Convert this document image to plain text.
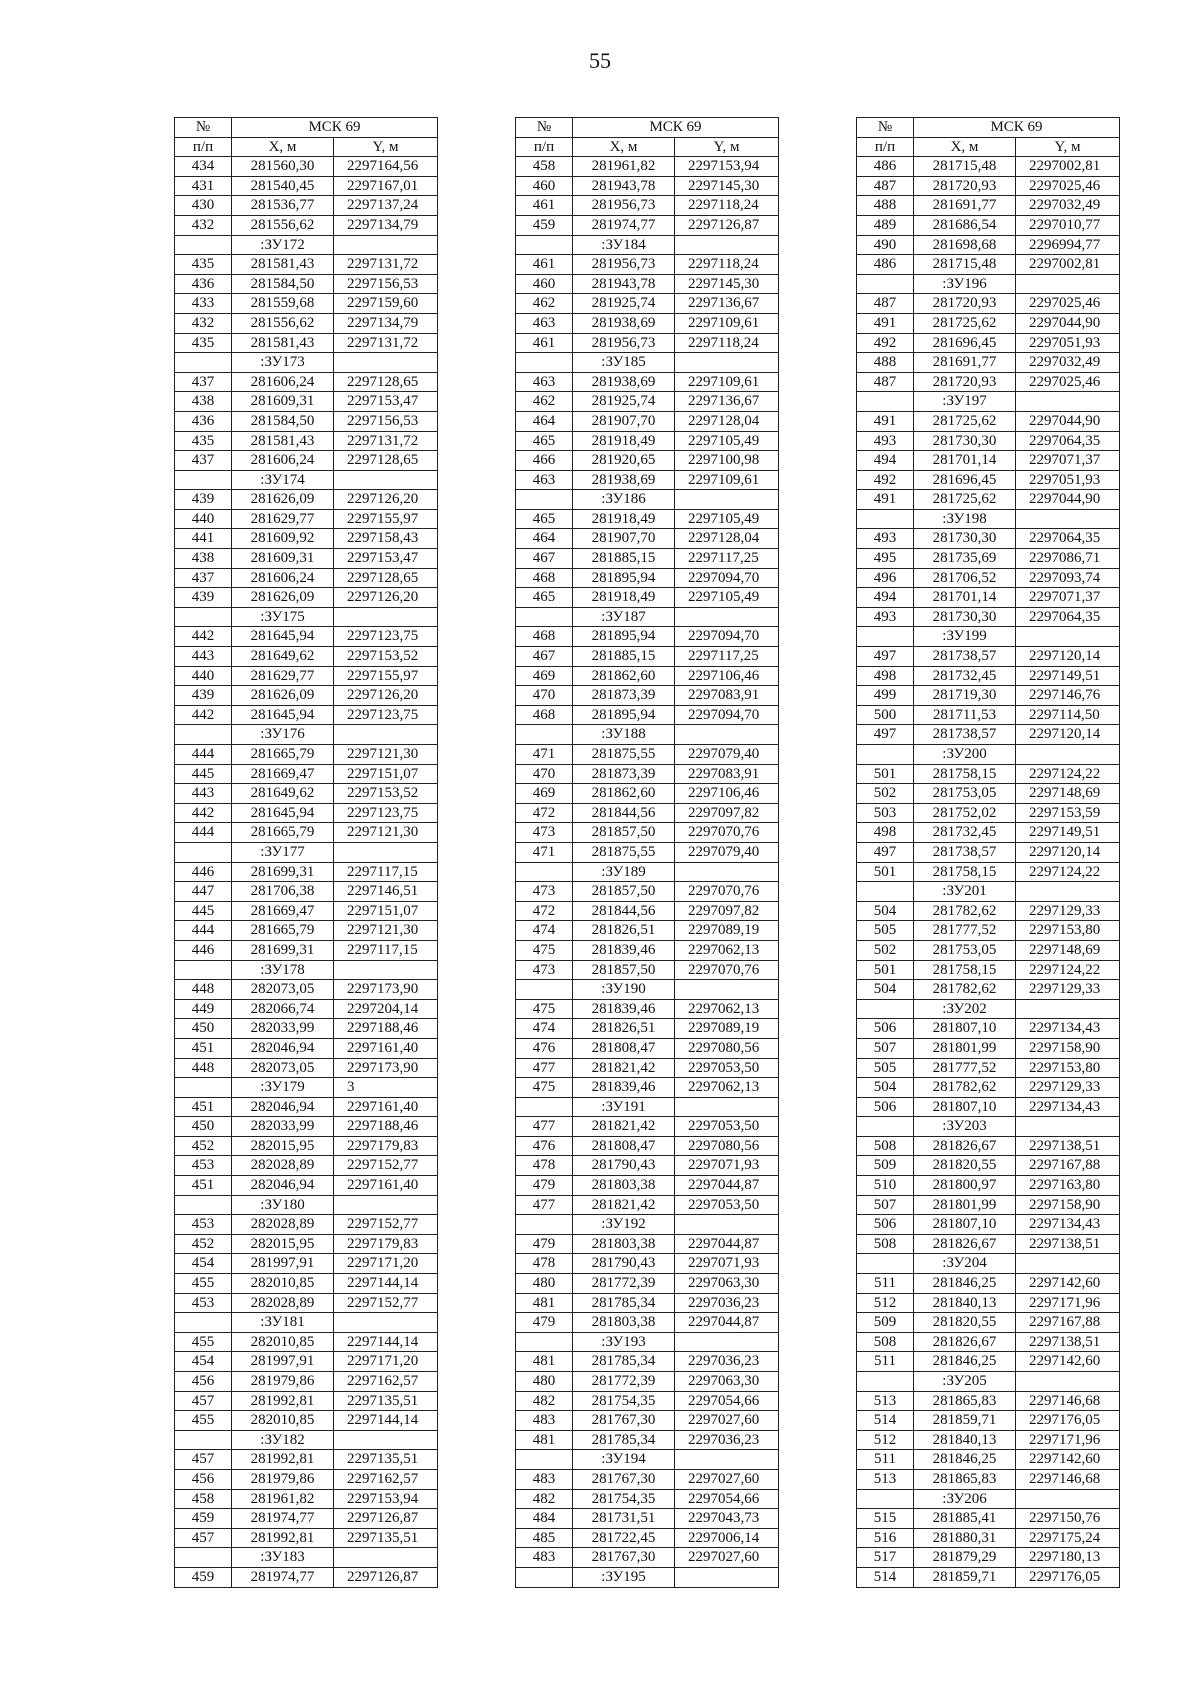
55
№	МСК 69	
п/п	X, м	Y, м
434	281560,30	2297164,56
431	281540,45	2297167,01
430	281536,77	2297137,24
432	281556,62	2297134,79
	:ЗУ172	
435	281581,43	2297131,72
436	281584,50	2297156,53
433	281559,68	2297159,60
432	281556,62	2297134,79
435	281581,43	2297131,72
	:ЗУ173	
437	281606,24	2297128,65
438	281609,31	2297153,47
436	281584,50	2297156,53
435	281581,43	2297131,72
437	281606,24	2297128,65
	:ЗУ174	
439	281626,09	2297126,20
440	281629,77	2297155,97
441	281609,92	2297158,43
438	281609,31	2297153,47
437	281606,24	2297128,65
439	281626,09	2297126,20
	:ЗУ175	
442	281645,94	2297123,75
443	281649,62	2297153,52
440	281629,77	2297155,97
439	281626,09	2297126,20
442	281645,94	2297123,75
	:ЗУ176	
444	281665,79	2297121,30
445	281669,47	2297151,07
443	281649,62	2297153,52
442	281645,94	2297123,75
444	281665,79	2297121,30
	:ЗУ177	
446	281699,31	2297117,15
447	281706,38	2297146,51
445	281669,47	2297151,07
444	281665,79	2297121,30
446	281699,31	2297117,15
	:ЗУ178	
448	282073,05	2297173,90
449	282066,74	2297204,14
450	282033,99	2297188,46
451	282046,94	2297161,40
448	282073,05	2297173,90
	:ЗУ179	3
451	282046,94	2297161,40
450	282033,99	2297188,46
452	282015,95	2297179,83
453	282028,89	2297152,77
451	282046,94	2297161,40
	:ЗУ180	
453	282028,89	2297152,77
452	282015,95	2297179,83
454	281997,91	2297171,20
455	282010,85	2297144,14
453	282028,89	2297152,77
	:ЗУ181	
455	282010,85	2297144,14
454	281997,91	2297171,20
456	281979,86	2297162,57
457	281992,81	2297135,51
455	282010,85	2297144,14
	:ЗУ182	
457	281992,81	2297135,51
456	281979,86	2297162,57
458	281961,82	2297153,94
459	281974,77	2297126,87
457	281992,81	2297135,51
	:ЗУ183	
459	281974,77	2297126,87
№	МСК 69	
п/п	X, м	Y, м
458	281961,82	2297153,94
460	281943,78	2297145,30
461	281956,73	2297118,24
459	281974,77	2297126,87
	:ЗУ184	
461	281956,73	2297118,24
460	281943,78	2297145,30
462	281925,74	2297136,67
463	281938,69	2297109,61
461	281956,73	2297118,24
	:ЗУ185	
463	281938,69	2297109,61
462	281925,74	2297136,67
464	281907,70	2297128,04
465	281918,49	2297105,49
466	281920,65	2297100,98
463	281938,69	2297109,61
	:ЗУ186	
465	281918,49	2297105,49
464	281907,70	2297128,04
467	281885,15	2297117,25
468	281895,94	2297094,70
465	281918,49	2297105,49
	:ЗУ187	
468	281895,94	2297094,70
467	281885,15	2297117,25
469	281862,60	2297106,46
470	281873,39	2297083,91
468	281895,94	2297094,70
	:ЗУ188	
471	281875,55	2297079,40
470	281873,39	2297083,91
469	281862,60	2297106,46
472	281844,56	2297097,82
473	281857,50	2297070,76
471	281875,55	2297079,40
	:ЗУ189	
473	281857,50	2297070,76
472	281844,56	2297097,82
474	281826,51	2297089,19
475	281839,46	2297062,13
473	281857,50	2297070,76
	:ЗУ190	
475	281839,46	2297062,13
474	281826,51	2297089,19
476	281808,47	2297080,56
477	281821,42	2297053,50
475	281839,46	2297062,13
	:ЗУ191	
477	281821,42	2297053,50
476	281808,47	2297080,56
478	281790,43	2297071,93
479	281803,38	2297044,87
477	281821,42	2297053,50
	:ЗУ192	
479	281803,38	2297044,87
478	281790,43	2297071,93
480	281772,39	2297063,30
481	281785,34	2297036,23
479	281803,38	2297044,87
	:ЗУ193	
481	281785,34	2297036,23
480	281772,39	2297063,30
482	281754,35	2297054,66
483	281767,30	2297027,60
481	281785,34	2297036,23
	:ЗУ194	
483	281767,30	2297027,60
482	281754,35	2297054,66
484	281731,51	2297043,73
485	281722,45	2297006,14
483	281767,30	2297027,60
	:ЗУ195	
№	МСК 69	
п/п	X, м	Y, м
486	281715,48	2297002,81
487	281720,93	2297025,46
488	281691,77	2297032,49
489	281686,54	2297010,77
490	281698,68	2296994,77
486	281715,48	2297002,81
	:ЗУ196	
487	281720,93	2297025,46
491	281725,62	2297044,90
492	281696,45	2297051,93
488	281691,77	2297032,49
487	281720,93	2297025,46
	:ЗУ197	
491	281725,62	2297044,90
493	281730,30	2297064,35
494	281701,14	2297071,37
492	281696,45	2297051,93
491	281725,62	2297044,90
	:ЗУ198	
493	281730,30	2297064,35
495	281735,69	2297086,71
496	281706,52	2297093,74
494	281701,14	2297071,37
493	281730,30	2297064,35
	:ЗУ199	
497	281738,57	2297120,14
498	281732,45	2297149,51
499	281719,30	2297146,76
500	281711,53	2297114,50
497	281738,57	2297120,14
	:ЗУ200	
501	281758,15	2297124,22
502	281753,05	2297148,69
503	281752,02	2297153,59
498	281732,45	2297149,51
497	281738,57	2297120,14
501	281758,15	2297124,22
	:ЗУ201	
504	281782,62	2297129,33
505	281777,52	2297153,80
502	281753,05	2297148,69
501	281758,15	2297124,22
504	281782,62	2297129,33
	:ЗУ202	
506	281807,10	2297134,43
507	281801,99	2297158,90
505	281777,52	2297153,80
504	281782,62	2297129,33
506	281807,10	2297134,43
	:ЗУ203	
508	281826,67	2297138,51
509	281820,55	2297167,88
510	281800,97	2297163,80
507	281801,99	2297158,90
506	281807,10	2297134,43
508	281826,67	2297138,51
	:ЗУ204	
511	281846,25	2297142,60
512	281840,13	2297171,96
509	281820,55	2297167,88
508	281826,67	2297138,51
511	281846,25	2297142,60
	:ЗУ205	
513	281865,83	2297146,68
514	281859,71	2297176,05
512	281840,13	2297171,96
511	281846,25	2297142,60
513	281865,83	2297146,68
	:ЗУ206	
515	281885,41	2297150,76
516	281880,31	2297175,24
517	281879,29	2297180,13
514	281859,71	2297176,05
